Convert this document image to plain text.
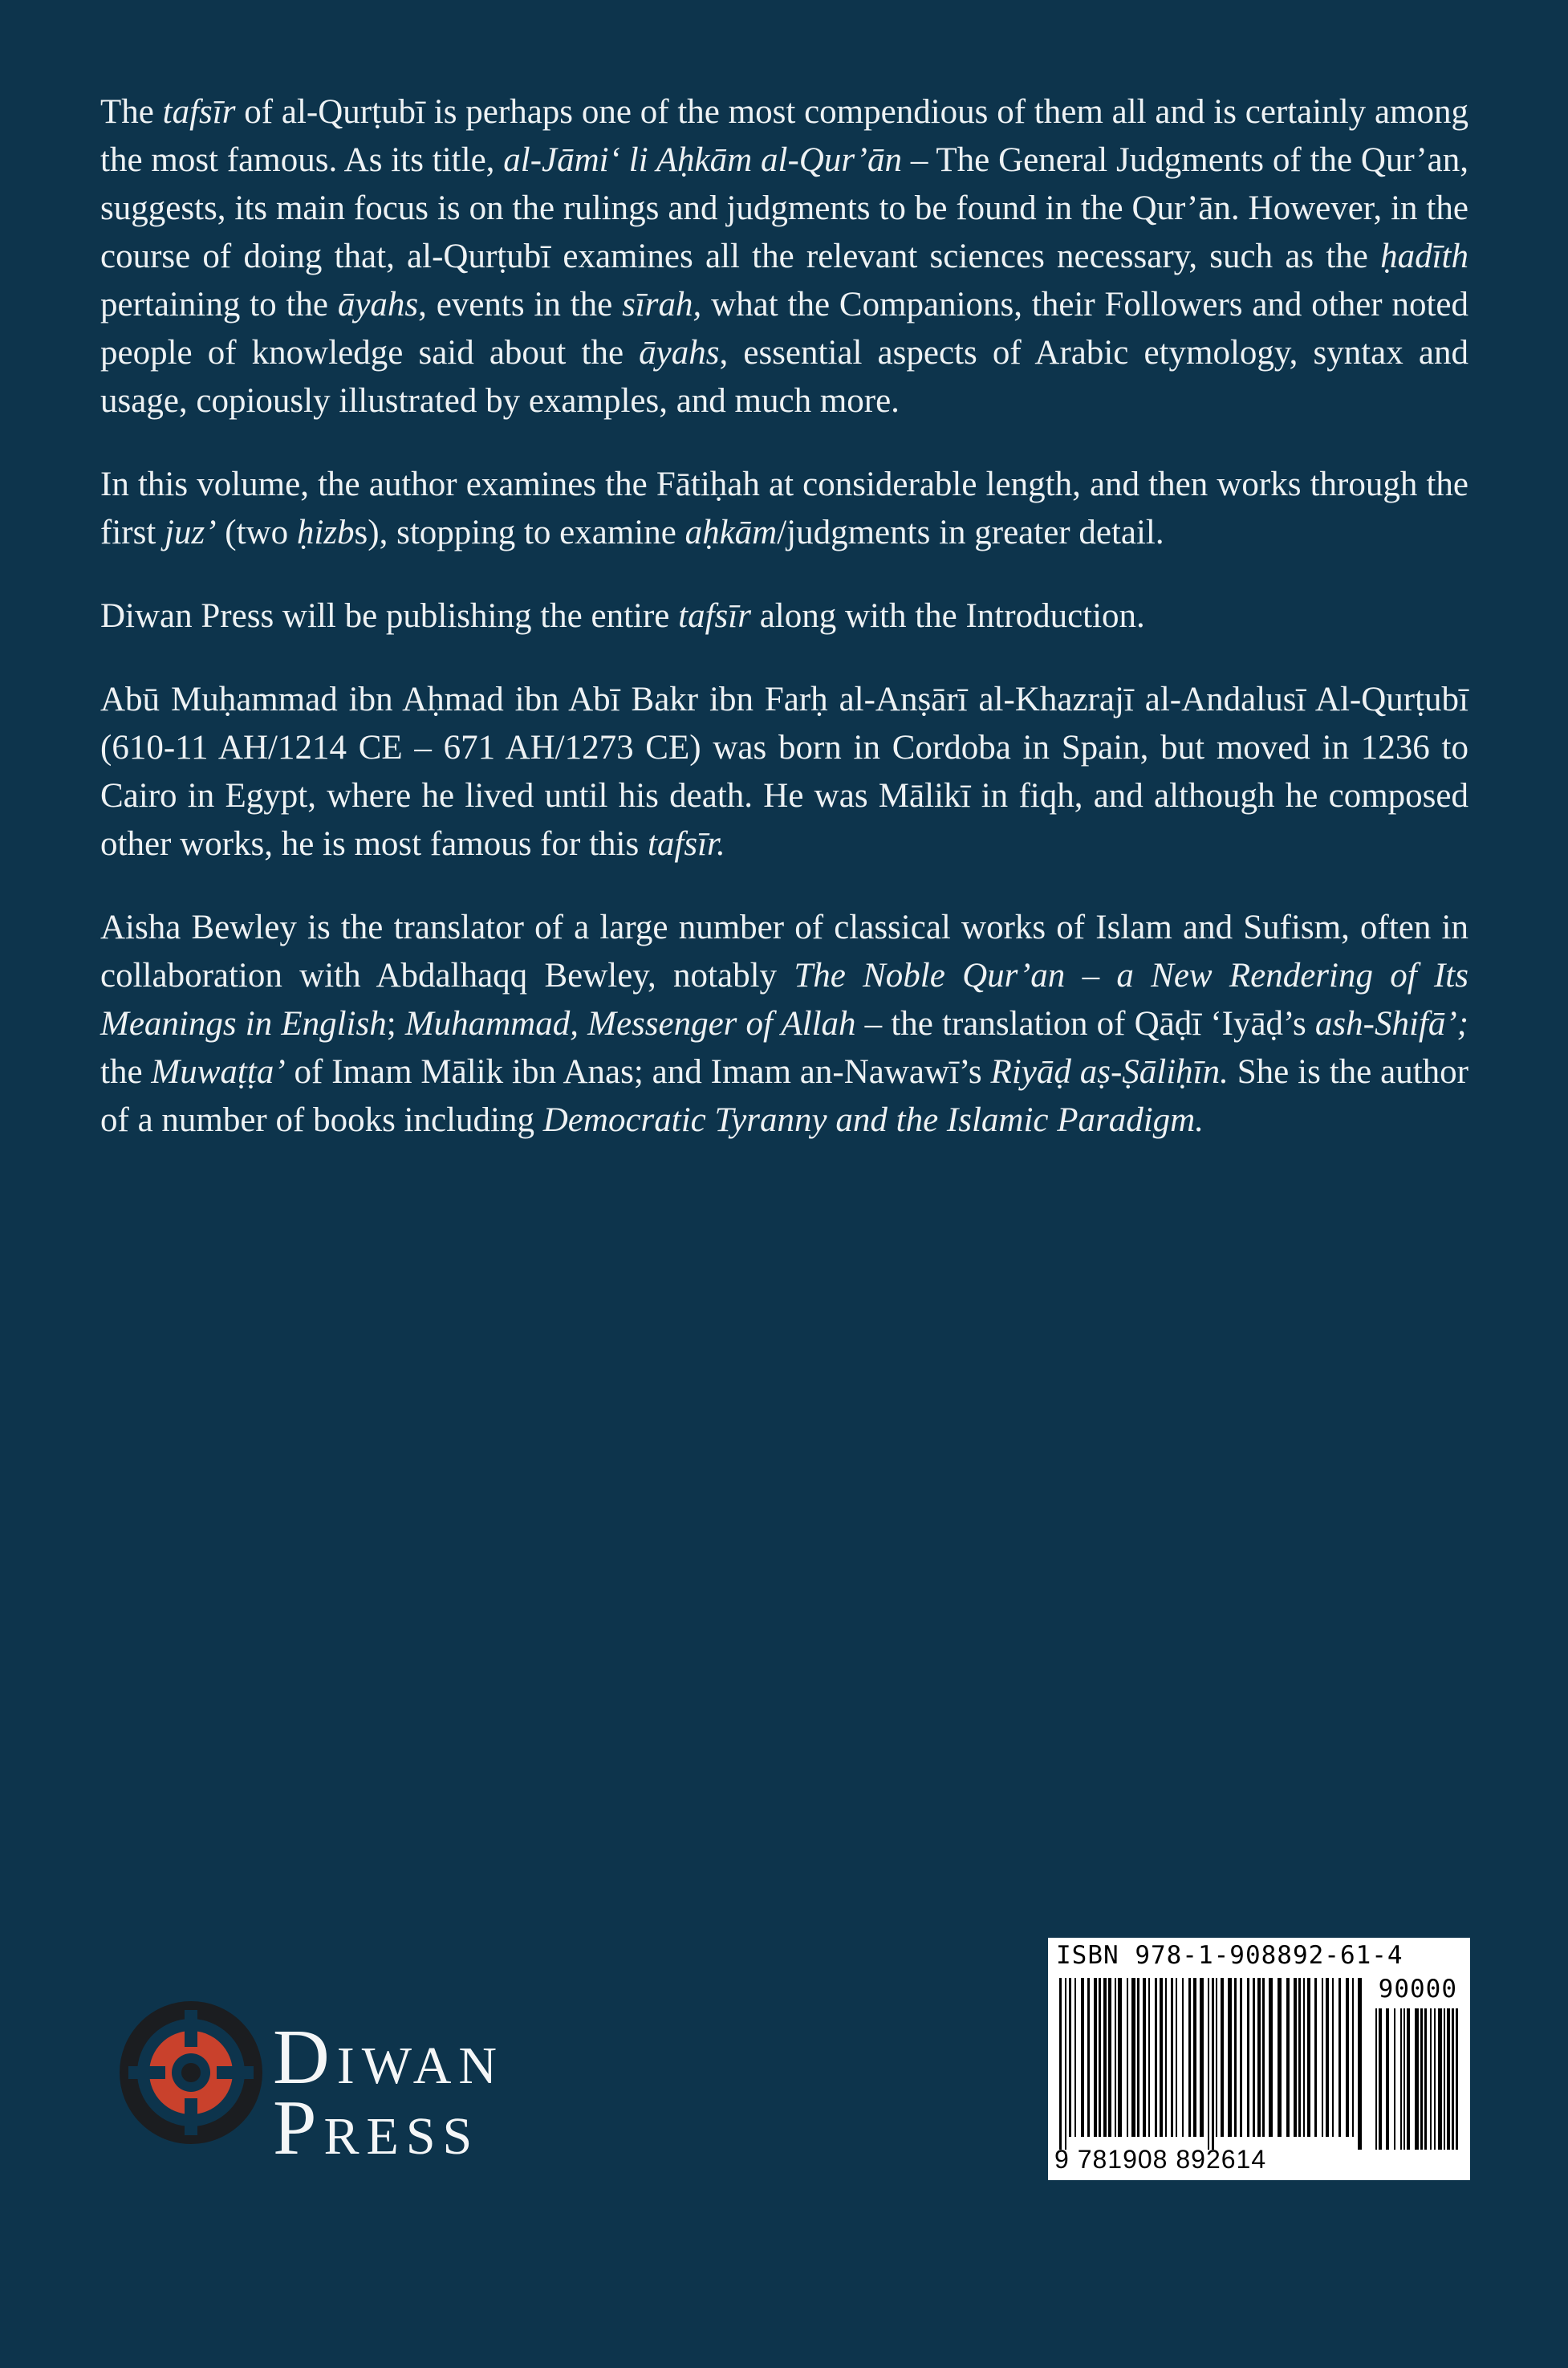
The tafsīr of al-Qurṭubī is perhaps one of the most compendious of them all and is certainly among the most famous. As its title, al-Jāmi‘ li Aḥkām al-Qur’ān – The General Judgments of the Qur’an, suggests, its main focus is on the rulings and judgments to be found in the Qur’ān. However, in the course of doing that, al-Qurṭubī examines all the relevant sciences necessary, such as the ḥadīth pertaining to the āyahs, events in the sīrah, what the Companions, their Followers and other noted people of knowledge said about the āyahs, essential aspects of Arabic etymology, syntax and usage, copiously illustrated by examples, and much more.

In this volume, the author examines the Fātiḥah at considerable length, and then works through the first juz’ (two ḥizbs), stopping to examine aḥkām/judgments in greater detail.

Diwan Press will be publishing the entire tafsīr along with the Introduction.

Abū Muḥammad ibn Aḥmad ibn Abī Bakr ibn Farḥ al-Anṣārī al-Khazrajī al-Andalusī Al-Qurṭubī (610-11 AH/1214 CE – 671 AH/1273 CE) was born in Cordoba in Spain, but moved in 1236 to Cairo in Egypt, where he lived until his death. He was Mālikī in fiqh, and although he composed other works, he is most famous for this tafsīr.

Aisha Bewley is the translator of a large number of classical works of Islam and Sufism, often in collaboration with Abdalhaqq Bewley, notably The Noble Qur’an – a New Rendering of Its Meanings in English; Muhammad, Messenger of Allah – the translation of Qāḍī ‘Iyāḍ’s ash-Shifā’; the Muwaṭṭa’ of Imam Mālik ibn Anas; and Imam an-Nawawī’s Riyāḍ aṣ-Ṣāliḥīn. She is the author of a number of books including Democratic Tyranny and the Islamic Paradigm.

DIWAN
PRESS
ISBN 978-1-908892-61-4
90000
9 781908 892614
